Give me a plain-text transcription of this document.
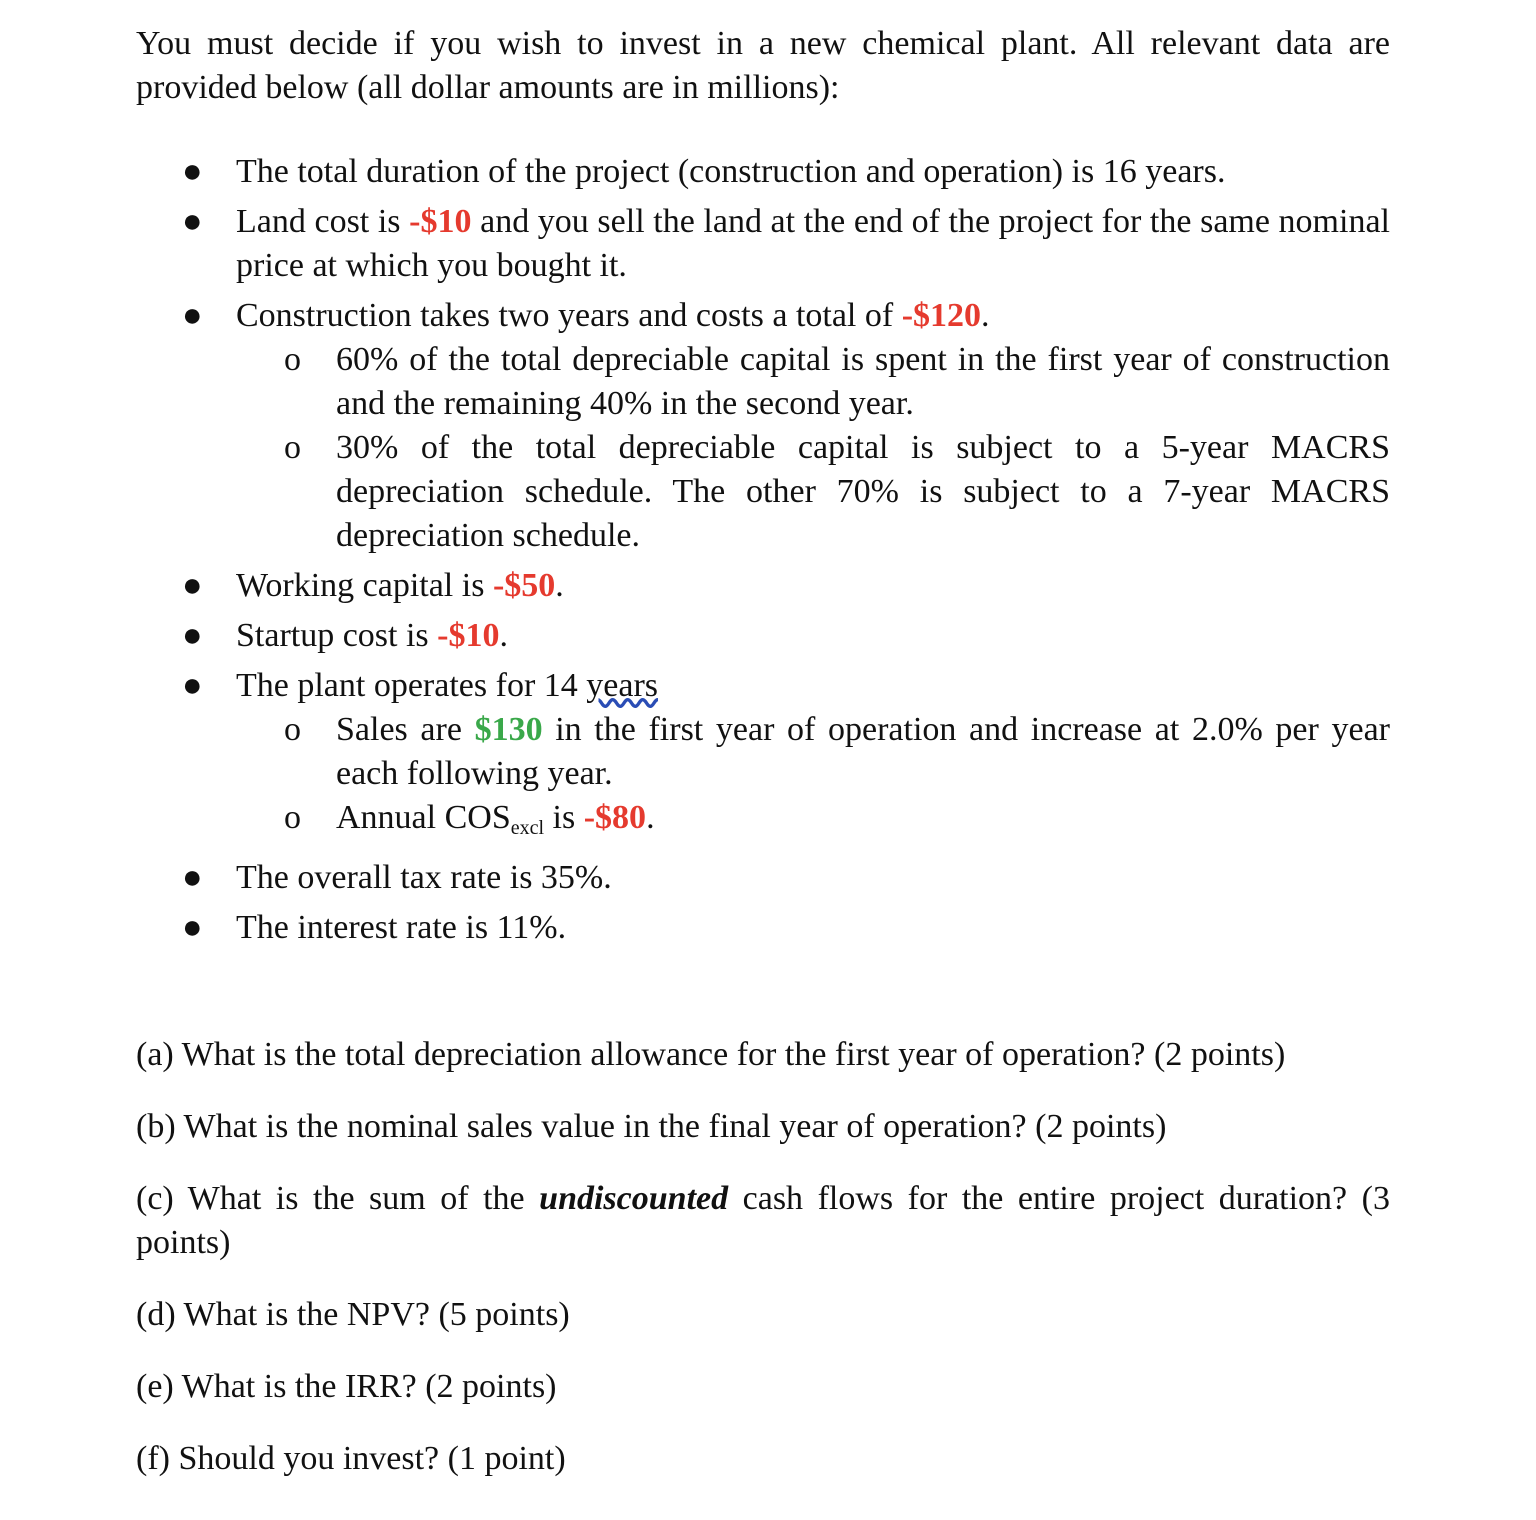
You must decide if you wish to invest in a new chemical plant. All relevant data are provided below (all dollar amounts are in millions):

● The total duration of the project (construction and operation) is 16 years.
● Land cost is -$10 and you sell the land at the end of the project for the same nominal price at which you bought it.
● Construction takes two years and costs a total of -$120.
o 60% of the total depreciable capital is spent in the first year of construction and the remaining 40% in the second year.
o 30% of the total depreciable capital is subject to a 5-year MACRS depreciation schedule. The other 70% is subject to a 7-year MACRS depreciation schedule.
● Working capital is -$50.
● Startup cost is -$10.
● The plant operates for 14 years
o Sales are $130 in the first year of operation and increase at 2.0% per year each following year.
o Annual COSexcl is -$80.
● The overall tax rate is 35%.
● The interest rate is 11%.

(a) What is the total depreciation allowance for the first year of operation? (2 points)

(b) What is the nominal sales value in the final year of operation? (2 points)

(c) What is the sum of the undiscounted cash flows for the entire project duration? (3 points)

(d) What is the NPV? (5 points)

(e) What is the IRR? (2 points)

(f) Should you invest? (1 point)
